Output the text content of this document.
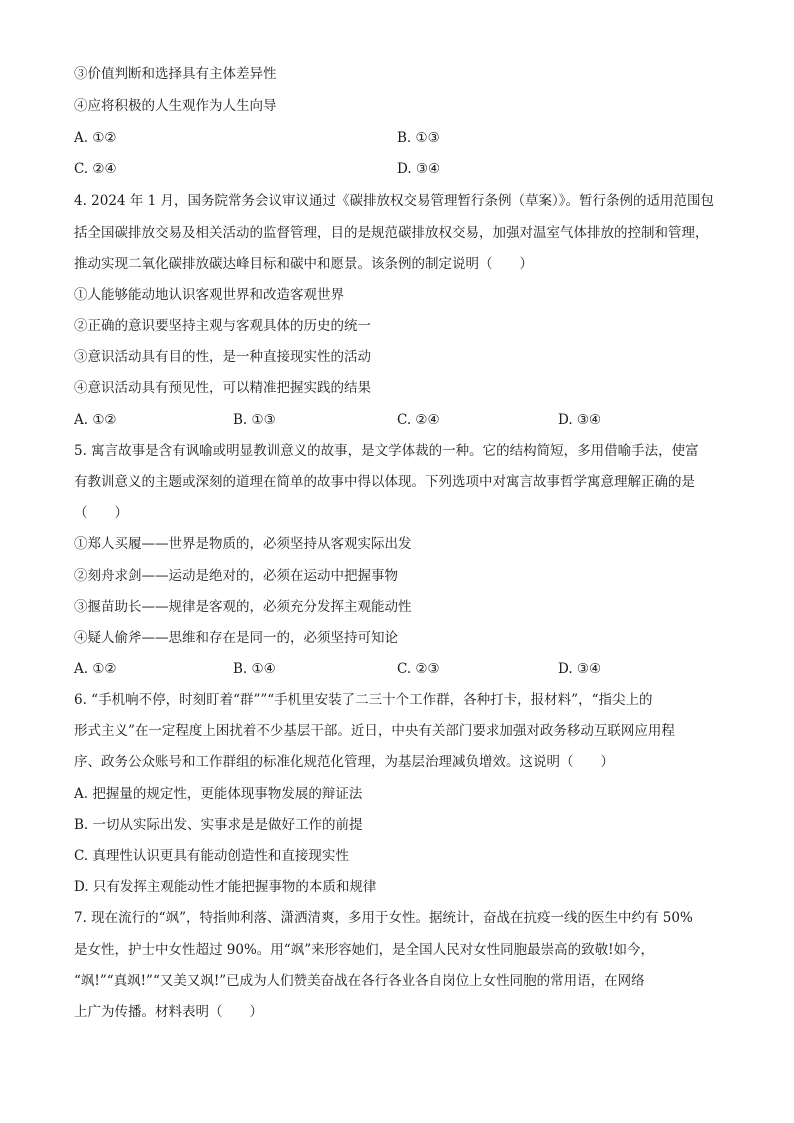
③价值判断和选择具有主体差异性
④应将积极的人生观作为人生向导
A. ①②	B. ①③
C. ②④	D. ③④
4. 2024 年 1 月，国务院常务会议审议通过《碳排放权交易管理暂行条例（草案）》。暂行条例的适用范围包
括全国碳排放交易及相关活动的监督管理，目的是规范碳排放权交易，加强对温室气体排放的控制和管理，
推动实现二氧化碳排放碳达峰目标和碳中和愿景。该条例的制定说明（　　）
①人能够能动地认识客观世界和改造客观世界
②正确的意识要坚持主观与客观具体的历史的统一
③意识活动具有目的性，是一种直接现实性的活动
④意识活动具有预见性，可以精准把握实践的结果
A. ①②	B. ①③	C. ②④	D. ③④
5. 寓言故事是含有讽喻或明显教训意义的故事，是文学体裁的一种。它的结构简短，多用借喻手法，使富
有教训意义的主题或深刻的道理在简单的故事中得以体现。下列选项中对寓言故事哲学寓意理解正确的是
（　　）
①郑人买履——世界是物质的，必须坚持从客观实际出发
②刻舟求剑——运动是绝对的，必须在运动中把握事物
③揠苗助长——规律是客观的，必须充分发挥主观能动性
④疑人偷斧——思维和存在是同一的，必须坚持可知论
A. ①②	B. ①④	C. ②③	D. ③④
6. “手机响不停，时刻盯着“群””“手机里安装了二三十个工作群，各种打卡，报材料”，“指尖上的
形式主义”在一定程度上困扰着不少基层干部。近日，中央有关部门要求加强对政务移动互联网应用程
序、政务公众账号和工作群组的标准化规范化管理，为基层治理减负增效。这说明（　　）
A. 把握量的规定性，更能体现事物发展的辩证法
B. 一切从实际出发、实事求是是做好工作的前提
C. 真理性认识更具有能动创造性和直接现实性
D. 只有发挥主观能动性才能把握事物的本质和规律
7. 现在流行的“飒”，特指帅利落、潇洒清爽，多用于女性。据统计，奋战在抗疫一线的医生中约有 50%
是女性，护士中女性超过 90%。用“飒”来形容她们，是全国人民对女性同胞最崇高的致敬!如今，
“飒!”“真飒!”“又美又飒!”已成为人们赞美奋战在各行各业各自岗位上女性同胞的常用语，在网络
上广为传播。材料表明（　　）
